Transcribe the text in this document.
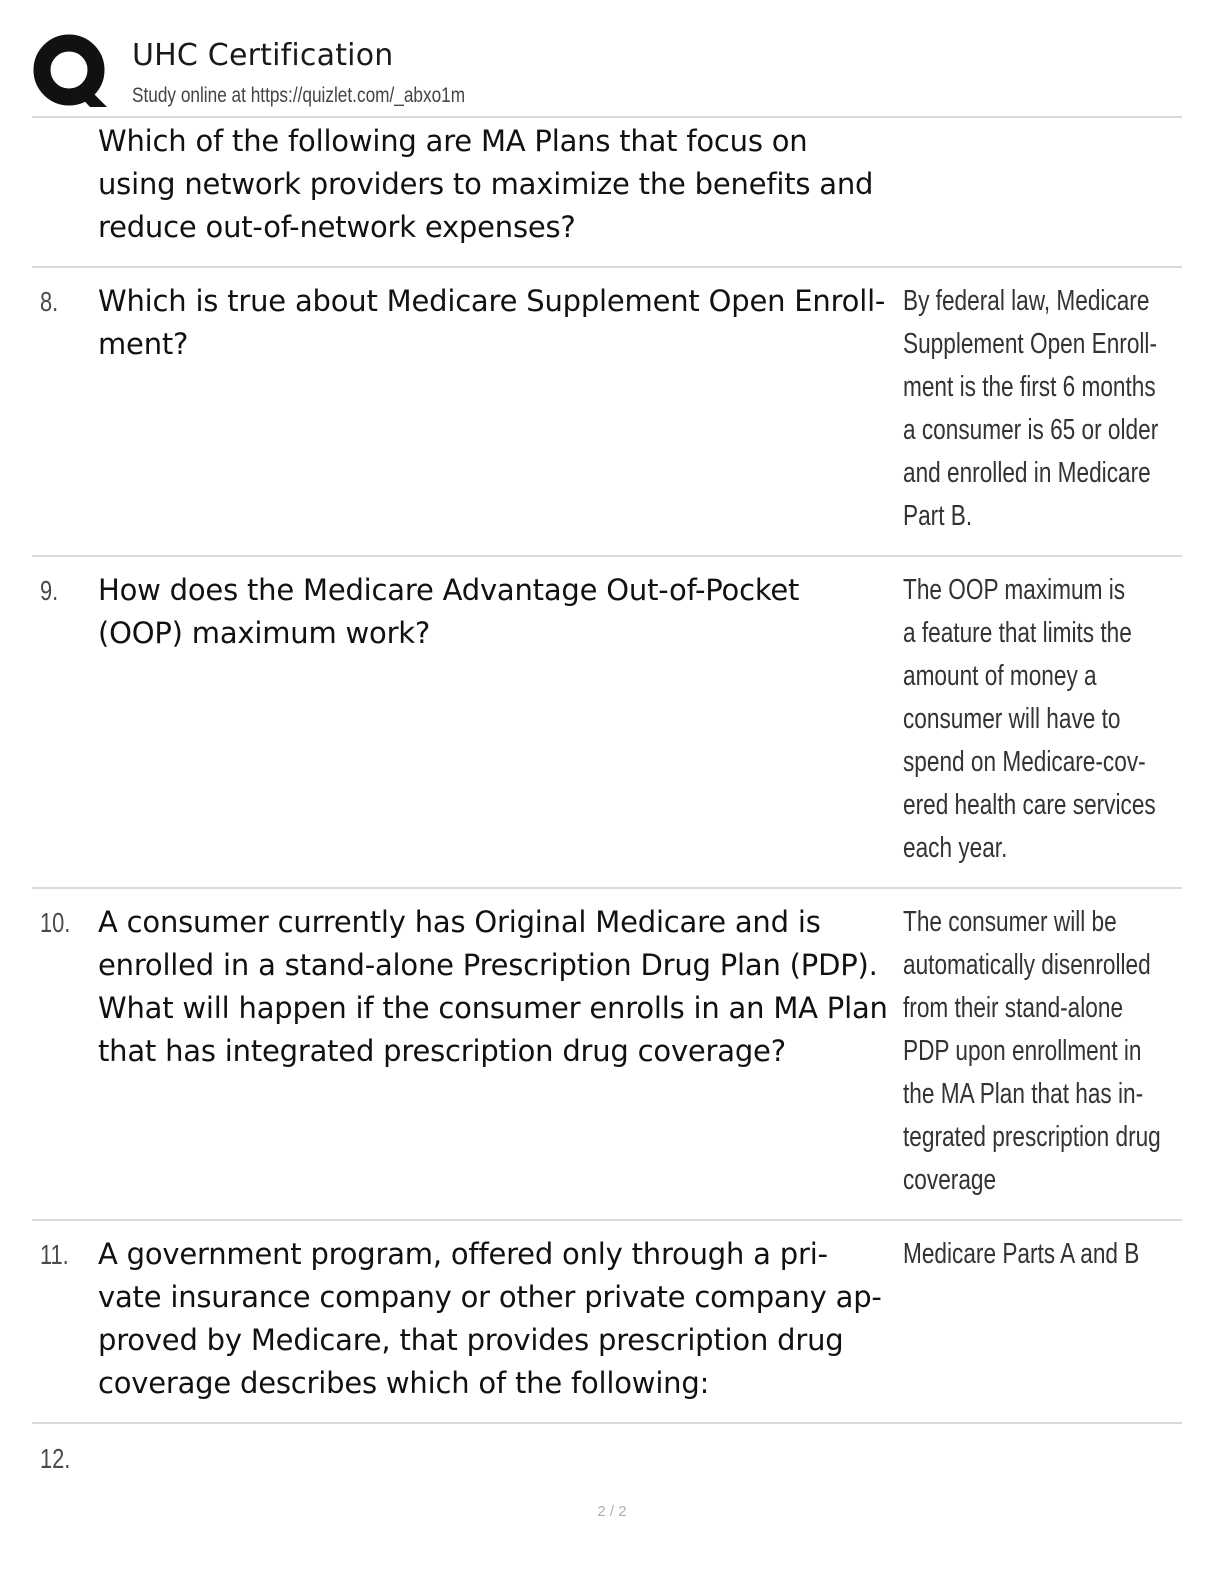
UHC Certification
Study online at https://quizlet.com/_abxo1m
Which of the following are MA Plans that focus on
using network providers to maximize the benefits and
reduce out-of-network expenses?
8. Which is true about Medicare Supplement Open Enroll-
ment?
By federal law, Medicare
Supplement Open Enroll-
ment is the first 6 months
a consumer is 65 or older
and enrolled in Medicare
Part B.
9. How does the Medicare Advantage Out-of-Pocket
(OOP) maximum work?
The OOP maximum is
a feature that limits the
amount of money a
consumer will have to
spend on Medicare-cov-
ered health care services
each year.
10. A consumer currently has Original Medicare and is
enrolled in a stand-alone Prescription Drug Plan (PDP).
What will happen if the consumer enrolls in an MA Plan
that has integrated prescription drug coverage?
The consumer will be
automatically disenrolled
from their stand-alone
PDP upon enrollment in
the MA Plan that has in-
tegrated prescription drug
coverage
11. A government program, offered only through a pri-
vate insurance company or other private company ap-
proved by Medicare, that provides prescription drug
coverage describes which of the following:
Medicare Parts A and B
12.
2 / 2
